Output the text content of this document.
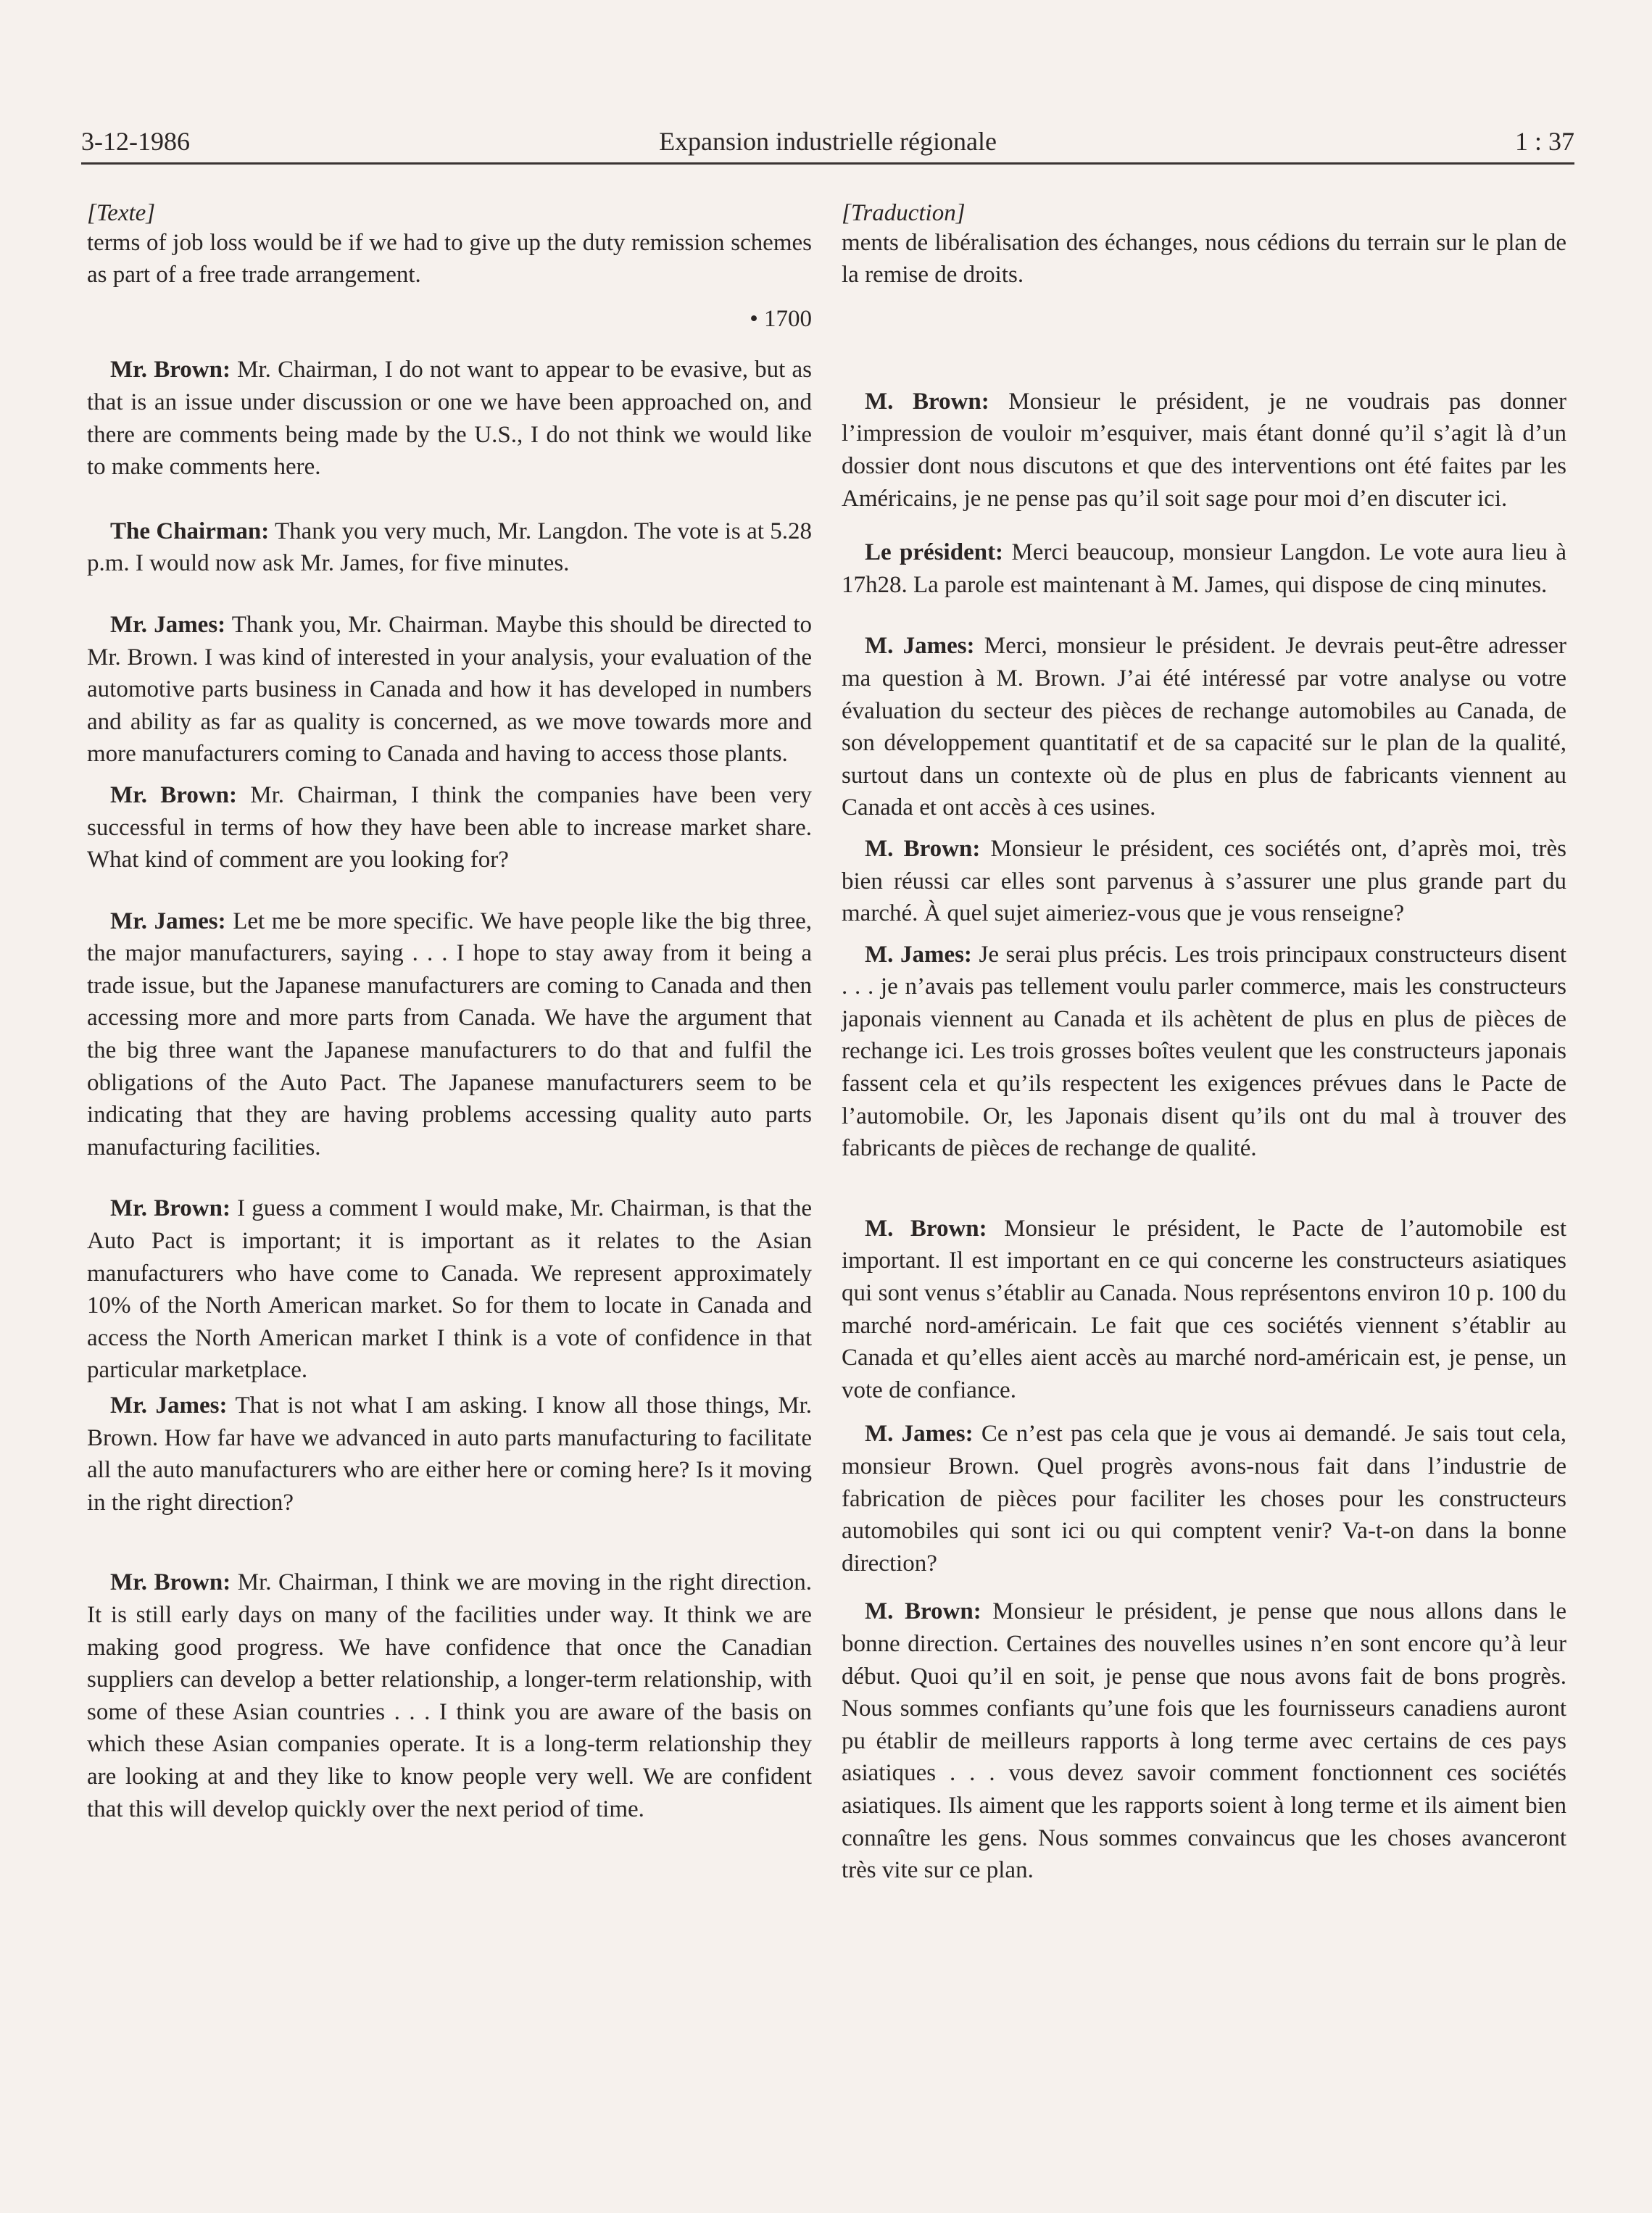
3-12-1986	Expansion industrielle régionale	1 : 37

[Texte]

terms of job loss would be if we had to give up the duty remission schemes as part of a free trade arrangement.

• 1700

Mr. Brown: Mr. Chairman, I do not want to appear to be evasive, but as that is an issue under discussion or one we have been approached on, and there are comments being made by the U.S., I do not think we would like to make comments here.

The Chairman: Thank you very much, Mr. Langdon. The vote is at 5.28 p.m. I would now ask Mr. James, for five minutes.

Mr. James: Thank you, Mr. Chairman. Maybe this should be directed to Mr. Brown. I was kind of interested in your analysis, your evaluation of the automotive parts business in Canada and how it has developed in numbers and ability as far as quality is concerned, as we move towards more and more manufacturers coming to Canada and having to access those plants.

Mr. Brown: Mr. Chairman, I think the companies have been very successful in terms of how they have been able to increase market share. What kind of comment are you looking for?

Mr. James: Let me be more specific. We have people like the big three, the major manufacturers, saying . . . I hope to stay away from it being a trade issue, but the Japanese manufacturers are coming to Canada and then accessing more and more parts from Canada. We have the argument that the big three want the Japanese manufacturers to do that and fulfil the obligations of the Auto Pact. The Japanese manufacturers seem to be indicating that they are having problems accessing quality auto parts manufacturing facilities.

Mr. Brown: I guess a comment I would make, Mr. Chairman, is that the Auto Pact is important; it is important as it relates to the Asian manufacturers who have come to Canada. We represent approximately 10% of the North American market. So for them to locate in Canada and access the North American market I think is a vote of confidence in that particular marketplace.

Mr. James: That is not what I am asking. I know all those things, Mr. Brown. How far have we advanced in auto parts manufacturing to facilitate all the auto manufacturers who are either here or coming here? Is it moving in the right direction?

Mr. Brown: Mr. Chairman, I think we are moving in the right direction. It is still early days on many of the facilities under way. It think we are making good progress. We have confidence that once the Canadian suppliers can develop a better relationship, a longer-term relationship, with some of these Asian countries . . . I think you are aware of the basis on which these Asian companies operate. It is a long-term relationship they are looking at and they like to know people very well. We are confident that this will develop quickly over the next period of time.

[Traduction]

ments de libéralisation des échanges, nous cédions du terrain sur le plan de la remise de droits.

M. Brown: Monsieur le président, je ne voudrais pas donner l’impression de vouloir m’esquiver, mais étant donné qu’il s’agit là d’un dossier dont nous discutons et que des interventions ont été faites par les Américains, je ne pense pas qu’il soit sage pour moi d’en discuter ici.

Le président: Merci beaucoup, monsieur Langdon. Le vote aura lieu à 17h28. La parole est maintenant à M. James, qui dispose de cinq minutes.

M. James: Merci, monsieur le président. Je devrais peut-être adresser ma question à M. Brown. J’ai été intéressé par votre analyse ou votre évaluation du secteur des pièces de rechange automobiles au Canada, de son développement quantitatif et de sa capacité sur le plan de la qualité, surtout dans un contexte où de plus en plus de fabricants viennent au Canada et ont accès à ces usines.

M. Brown: Monsieur le président, ces sociétés ont, d’après moi, très bien réussi car elles sont parvenus à s’assurer une plus grande part du marché. À quel sujet aimeriez-vous que je vous renseigne?

M. James: Je serai plus précis. Les trois principaux constructeurs disent . . . je n’avais pas tellement voulu parler commerce, mais les constructeurs japonais viennent au Canada et ils achètent de plus en plus de pièces de rechange ici. Les trois grosses boîtes veulent que les constructeurs japonais fassent cela et qu’ils respectent les exigences prévues dans le Pacte de l’automobile. Or, les Japonais disent qu’ils ont du mal à trouver des fabricants de pièces de rechange de qualité.

M. Brown: Monsieur le président, le Pacte de l’automobile est important. Il est important en ce qui concerne les constructeurs asiatiques qui sont venus s’établir au Canada. Nous représentons environ 10 p. 100 du marché nord-américain. Le fait que ces sociétés viennent s’établir au Canada et qu’elles aient accès au marché nord-américain est, je pense, un vote de confiance.

M. James: Ce n’est pas cela que je vous ai demandé. Je sais tout cela, monsieur Brown. Quel progrès avons-nous fait dans l’industrie de fabrication de pièces pour faciliter les choses pour les constructeurs automobiles qui sont ici ou qui comptent venir? Va-t-on dans la bonne direction?

M. Brown: Monsieur le président, je pense que nous allons dans le bonne direction. Certaines des nouvelles usines n’en sont encore qu’à leur début. Quoi qu’il en soit, je pense que nous avons fait de bons progrès. Nous sommes confiants qu’une fois que les fournisseurs canadiens auront pu établir de meilleurs rapports à long terme avec certains de ces pays asiatiques . . . vous devez savoir comment fonctionnent ces sociétés asiatiques. Ils aiment que les rapports soient à long terme et ils aiment bien connaître les gens. Nous sommes convaincus que les choses avanceront très vite sur ce plan.
